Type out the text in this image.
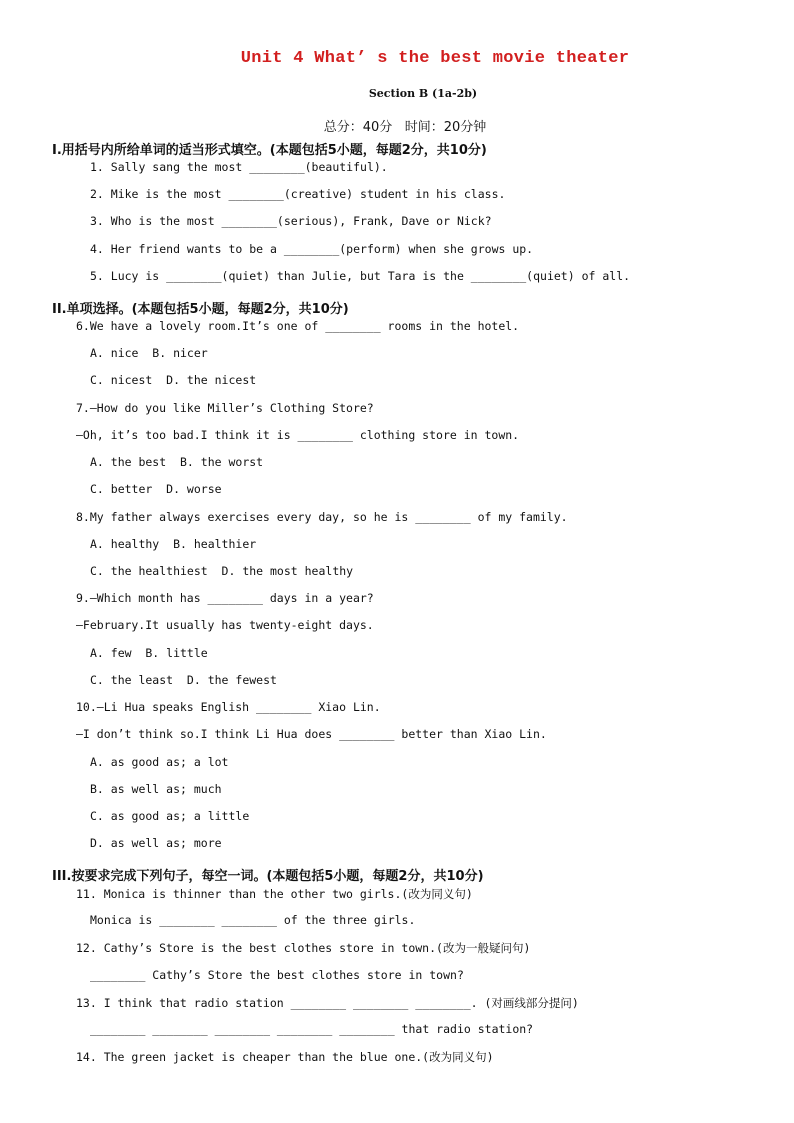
Unit 4 What’ s the best movie theater
Section B (1a-2b)
总分：40分   时间：20分钟
I.用括号内所给单词的适当形式填空。(本题包括5小题，每题2分，共10分)
1. Sally sang the most ________(beautiful).
2. Mike is the most ________(creative) student in his class.
3. Who is the most ________(serious), Frank, Dave or Nick?
4. Her friend wants to be a ________(perform) when she grows up.
5. Lucy is ________(quiet) than Julie, but Tara is the ________(quiet) of all.
II.单项选择。(本题包括5小题，每题2分，共10分)
6.We have a lovely room.It’s one of ________ rooms in the hotel.
A. nice  B. nicer
C. nicest  D. the nicest
7.—How do you like Miller’s Clothing Store?
—Oh, it’s too bad.I think it is ________ clothing store in town.
A. the best  B. the worst
C. better  D. worse
8.My father always exercises every day, so he is ________ of my family.
A. healthy  B. healthier
C. the healthiest  D. the most healthy
9.—Which month has ________ days in a year?
—February.It usually has twenty-eight days.
A. few  B. little
C. the least  D. the fewest
10.—Li Hua speaks English ________ Xiao Lin.
—I don’t think so.I think Li Hua does ________ better than Xiao Lin.
A. as good as; a lot
B. as well as; much
C. as good as; a little
D. as well as; more
III.按要求完成下列句子，每空一词。(本题包括5小题，每题2分，共10分)
11. Monica is thinner than the other two girls.(改为同义句)
Monica is ________ ________ of the three girls.
12. Cathy’s Store is the best clothes store in town.(改为一般疑问句)
________ Cathy’s Store the best clothes store in town?
13. I think that radio station ________ ________ ________. (对画线部分提问)
________ ________ ________ ________ ________ that radio station?
14. The green jacket is cheaper than the blue one.(改为同义句)
